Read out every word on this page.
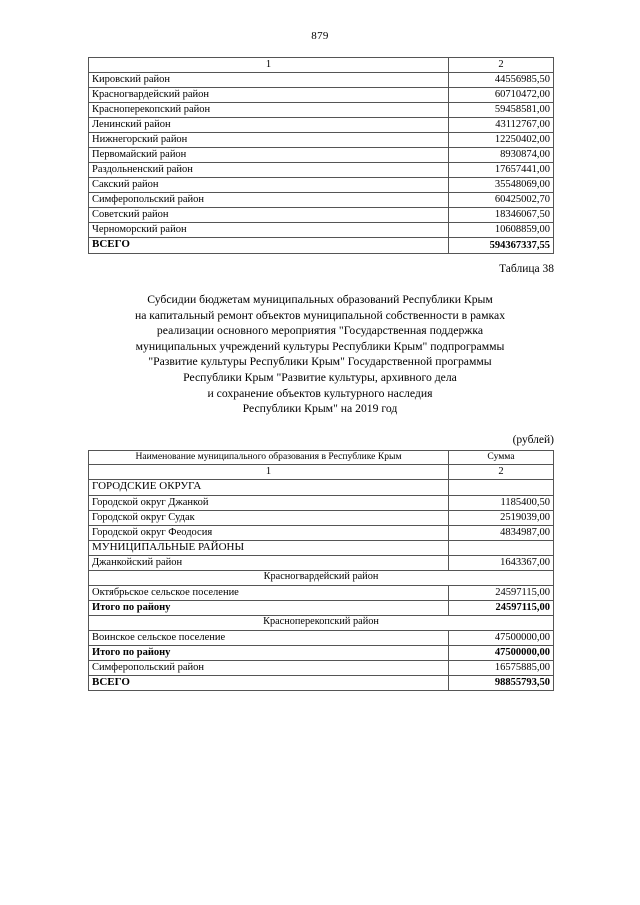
879
1	2
Кировский район	44556985,50
Красногвардейский район	60710472,00
Красноперекопский район	59458581,00
Ленинский район	43112767,00
Нижнегорский район	12250402,00
Первомайский район	8930874,00
Раздольненский район	17657441,00
Сакский район	35548069,00
Симферопольский район	60425002,70
Советский район	18346067,50
Черноморский район	10608859,00
ВСЕГО	594367337,55
Таблица 38
Субсидии бюджетам муниципальных образований Республики Крым
на капитальный ремонт объектов муниципальной собственности в рамках
реализации основного мероприятия "Государственная поддержка
муниципальных учреждений культуры Республики Крым" подпрограммы
"Развитие культуры Республики Крым" Государственной программы
Республики Крым "Развитие культуры, архивного дела
и сохранение объектов культурного наследия
Республики Крым" на 2019 год
(рублей)
Наименование муниципального образования в Республике Крым	Сумма
1	2
ГОРОДСКИЕ ОКРУГА	
Городской округ Джанкой	1185400,50
Городской округ Судак	2519039,00
Городской округ Феодосия	4834987,00
МУНИЦИПАЛЬНЫЕ РАЙОНЫ	
Джанкойский район	1643367,00
Красногвардейский район	
Октябрьское сельское поселение	24597115,00
Итого по району	24597115,00
Красноперекопский район	
Воинское сельское поселение	47500000,00
Итого по району	47500000,00
Симферопольский район	16575885,00
ВСЕГО	98855793,50
